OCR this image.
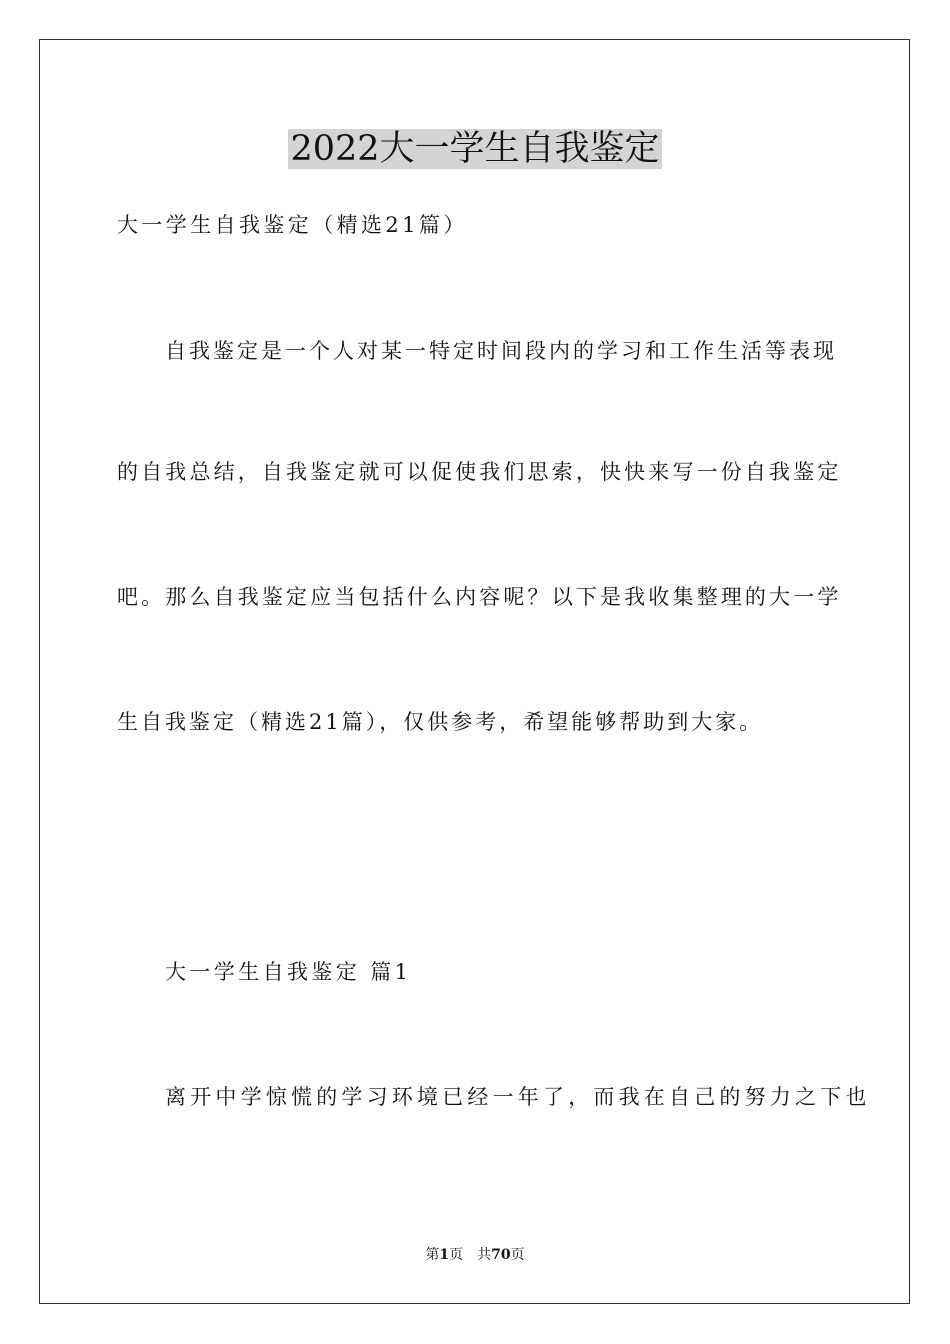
2022大一学生自我鉴定
大一学生自我鉴定（精选21篇）
自我鉴定是一个人对某一特定时间段内的学习和工作生活等表现
的自我总结，自我鉴定就可以促使我们思索，快快来写一份自我鉴定
吧。那么自我鉴定应当包括什么内容呢？以下是我收集整理的大一学
生自我鉴定（精选21篇），仅供参考，希望能够帮助到大家。
大一学生自我鉴定 篇1
离开中学惊慌的学习环境已经一年了，而我在自己的努力之下也
第1页 共70页
